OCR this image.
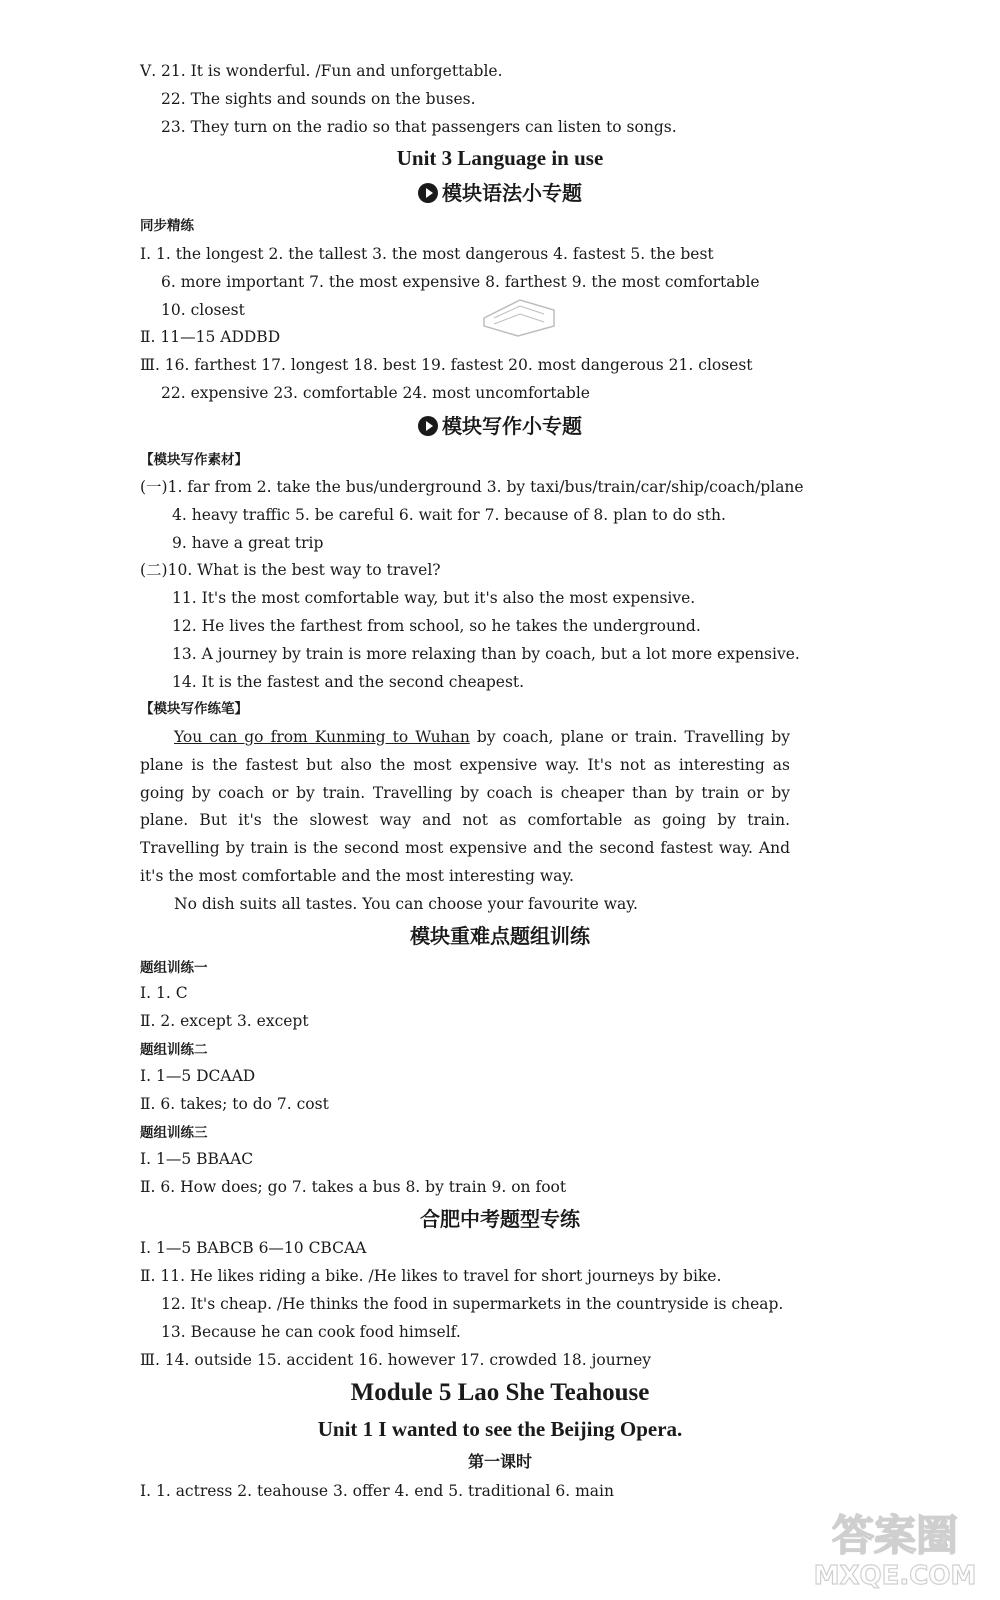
Ⅴ. 21. It is wonderful. /Fun and unforgettable.
22. The sights and sounds on the buses.
23. They turn on the radio so that passengers can listen to songs.
Unit 3 Language in use
模块语法小专题
同步精练
Ⅰ. 1. the longest 2. the tallest 3. the most dangerous 4. fastest 5. the best
6. more important 7. the most expensive 8. farthest 9. the most comfortable
10. closest
Ⅱ. 11—15 ADDBD
Ⅲ. 16. farthest 17. longest 18. best 19. fastest 20. most dangerous 21. closest
22. expensive 23. comfortable 24. most uncomfortable
模块写作小专题
【模块写作素材】
(一)1. far from 2. take the bus/underground 3. by taxi/bus/train/car/ship/coach/plane
4. heavy traffic 5. be careful 6. wait for 7. because of 8. plan to do sth.
9. have a great trip
(二)10. What is the best way to travel?
11. It's the most comfortable way, but it's also the most expensive.
12. He lives the farthest from school, so he takes the underground.
13. A journey by train is more relaxing than by coach, but a lot more expensive.
14. It is the fastest and the second cheapest.
【模块写作练笔】

You can go from Kunming to Wuhan by coach, plane or train. Travelling by plane is the fastest but also the most expensive way. It's not as interesting as going by coach or by train. Travelling by coach is cheaper than by train or by plane. But it's the slowest way and not as comfortable as going by train. Travelling by train is the second most expensive and the second fastest way. And it's the most comfortable and the most interesting way.

No dish suits all tastes. You can choose your favourite way.

模块重难点题组训练
题组训练一
Ⅰ. 1. C
Ⅱ. 2. except 3. except
题组训练二
Ⅰ. 1—5 DCAAD
Ⅱ. 6. takes; to do 7. cost
题组训练三
Ⅰ. 1—5 BBAAC
Ⅱ. 6. How does; go 7. takes a bus 8. by train 9. on foot
合肥中考题型专练
Ⅰ. 1—5 BABCB 6—10 CBCAA
Ⅱ. 11. He likes riding a bike. /He likes to travel for short journeys by bike.
12. It's cheap. /He thinks the food in supermarkets in the countryside is cheap.
13. Because he can cook food himself.
Ⅲ. 14. outside 15. accident 16. however 17. crowded 18. journey
Module 5 Lao She Teahouse
Unit 1 I wanted to see the Beijing Opera.
第一课时
Ⅰ. 1. actress 2. teahouse 3. offer 4. end 5. traditional 6. main
答案圈
MXQE.COM
